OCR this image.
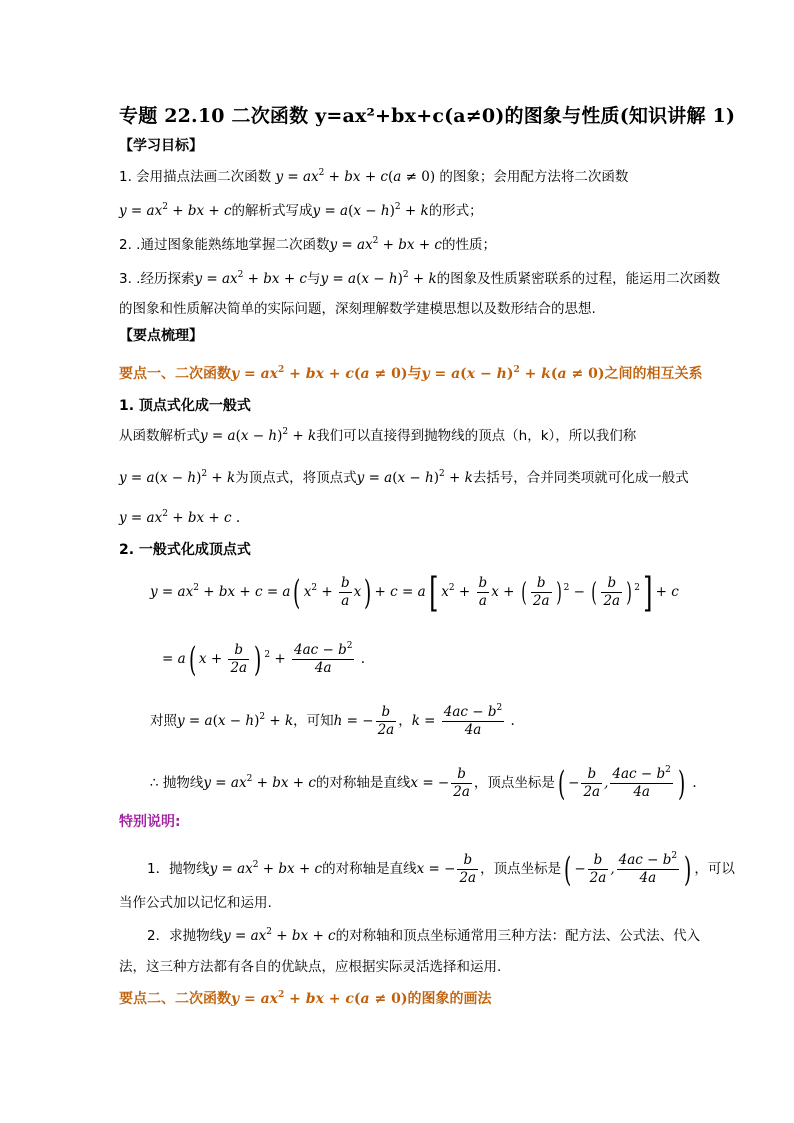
专题 22.10 二次函数 y=ax²+bx+c(a≠0)的图象与性质(知识讲解 1)
【学习目标】
1. 会用描点法画二次函数 $y = ax^2$ + bx + c(a ≠ 0) 的图象；会用配方法将二次函数
$y = ax^2$ + bx + c的解析式写成$y = a(x - h)^2 + k$的形式；
2. .通过图象能熟练地掌握二次函数$y = ax^2$ + bx + c的性质；
3. .经历探索$y = ax^2$ + bx + c与$y = a(x - h)^2 + k$的图象及性质紧密联系的过程，能运用二次函数
的图象和性质解决简单的实际问题，深刻理解数学建模思想以及数形结合的思想.
【要点梳理】
要点一、二次函数$y = ax^2$ + bx + c(a ≠ 0)与$y = a(x - h)^2 + k(a \ne 0)$之间的相互关系
1. 顶点式化成一般式
从函数解析式$y = a(x - h)^2 + k$我们可以直接得到抛物线的顶点（h，k），所以我们称
$y = a(x - h)^2 + k$为顶点式，将顶点式$y = a(x - h)^2 + k$去括号，合并同类项就可化成一般式
$y = ax^2$ + bx + c .
2. 一般式化成顶点式
$y = ax^2$ + bx + c = a( $x^2 + \frac{b}{a} x) + c = a$[ $x^2 + \frac{b}{a}$ x + ( $\frac{b}{2a}$ ) $^2$ − ( $\frac{b}{2a}$ ) $^2$] + c
= a( $x + \frac{b}{2a}$ ) $^2 + \frac{4ac - b^2}{4a}$ .
对照$y = a(x - h)^2 + k$，可知h = − $\frac{b}{2a}$ ，$k = \frac{4ac - b^2}{4a}$ .
∴ 抛物线$y = ax^2$ + bx + c的对称轴是直线x = − $\frac{b}{2a}$ ，顶点坐标是( − $\frac{b}{2a}$ , $\frac{4ac - b^2}{4a}$ ) .
特别说明:
1．抛物线$y = ax^2$ + bx + c的对称轴是直线x = − $\frac{b}{2a}$ ，顶点坐标是( − $\frac{b}{2a}$ , $\frac{4ac - b^2}{4a}$ ) ，可以
当作公式加以记忆和运用.
2．求抛物线$y = ax^2$ + bx + c的对称轴和顶点坐标通常用三种方法：配方法、公式法、代入
法，这三种方法都有各自的优缺点，应根据实际灵活选择和运用.
要点二、二次函数$y = ax^2$ + bx + c(a ≠ 0)的图象的画法
